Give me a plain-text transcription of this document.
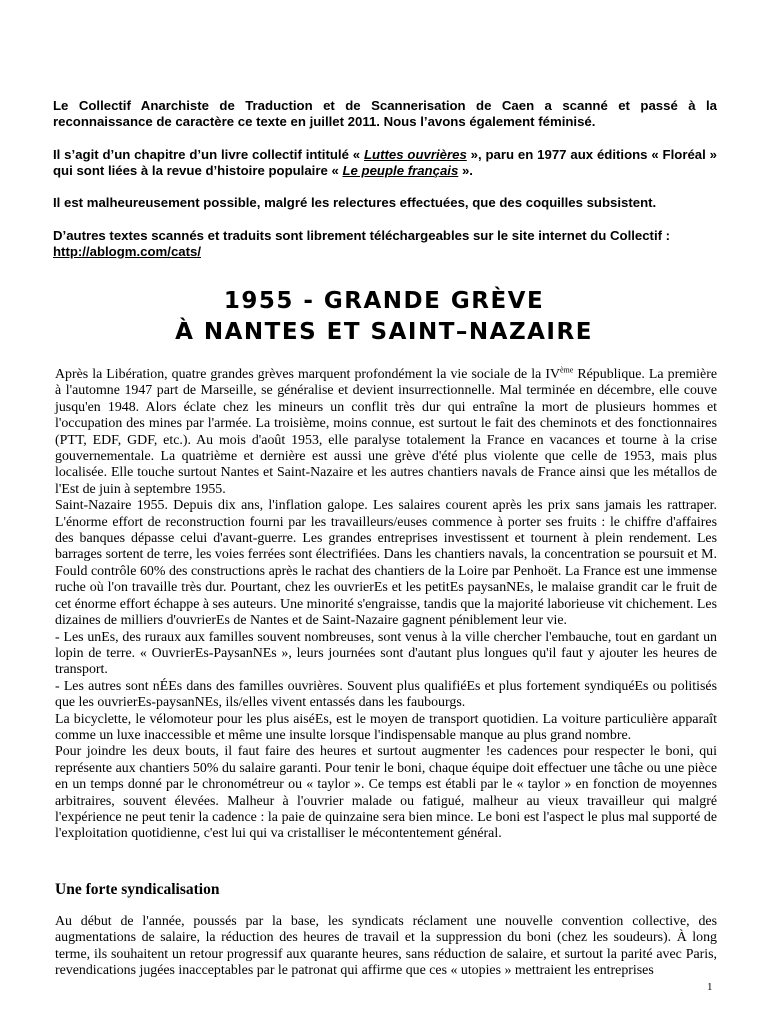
Le Collectif Anarchiste de Traduction et de Scannerisation de Caen a scanné et passé à la reconnaissance de caractère ce texte en juillet 2011. Nous l’avons également féminisé.

Il s’agit d’un chapitre d’un livre collectif intitulé « Luttes ouvrières », paru en 1977 aux éditions « Floréal » qui sont liées à la revue d’histoire populaire « Le peuple français ».

Il est malheureusement possible, malgré les relectures effectuées, que des coquilles subsistent.

D’autres textes scannés et traduits sont librement téléchargeables sur le site internet du Collectif :
http://ablogm.com/cats/

1955 - GRANDE GRÈVE
À NANTES ET SAINT–NAZAIRE

Après la Libération, quatre grandes grèves marquent profondément la vie sociale de la IVème République. La première à l'automne 1947 part de Marseille, se généralise et devient insurrectionnelle. Mal terminée en décembre, elle couve jusqu'en 1948. Alors éclate chez les mineurs un conflit très dur qui entraîne la mort de plusieurs hommes et l'occupation des mines par l'armée. La troisième, moins connue, est surtout le fait des cheminots et des fonctionnaires (PTT, EDF, GDF, etc.). Au mois d'août 1953, elle paralyse totalement la France en vacances et tourne à la crise gouvernementale. La quatrième et dernière est aussi une grève d'été plus violente que celle de 1953, mais plus localisée. Elle touche surtout Nantes et Saint-Nazaire et les autres chantiers navals de France ainsi que les métallos de l'Est de juin à septembre 1955.

Saint-Nazaire 1955. Depuis dix ans, l'inflation galope. Les salaires courent après les prix sans jamais les rattraper. L'énorme effort de reconstruction fourni par les travailleurs/euses commence à porter ses fruits : le chiffre d'affaires des banques dépasse celui d'avant-guerre. Les grandes entreprises investissent et tournent à plein rendement. Les barrages sortent de terre, les voies ferrées sont électrifiées. Dans les chantiers navals, la concentration se poursuit et M. Fould contrôle 60% des constructions après le rachat des chantiers de la Loire par Penhoët. La France est une immense ruche où l'on travaille très dur. Pourtant, chez les ouvrierEs et les petitEs paysanNEs, le malaise grandit car le fruit de cet énorme effort échappe à ses auteurs. Une minorité s'engraisse, tandis que la majorité laborieuse vit chichement. Les dizaines de milliers d'ouvrierEs de Nantes et de Saint-Nazaire gagnent péniblement leur vie.

- Les unEs, des ruraux aux familles souvent nombreuses, sont venus à la ville chercher l'embauche, tout en gardant un lopin de terre. « OuvrierEs-PaysanNEs », leurs journées sont d'autant plus longues qu'il faut y ajouter les heures de transport.

- Les autres sont nÉEs dans des familles ouvrières. Souvent plus qualifiéEs et plus fortement syndiquéEs ou politisés que les ouvrierEs-paysanNEs, ils/elles vivent entassés dans les faubourgs.

La bicyclette, le vélomoteur pour les plus aiséEs, est le moyen de transport quotidien. La voiture particulière apparaît comme un luxe inaccessible et même une insulte lorsque l'indispensable manque au plus grand nombre.

Pour joindre les deux bouts, il faut faire des heures et surtout augmenter !es cadences pour respecter le boni, qui représente aux chantiers 50% du salaire garanti. Pour tenir le boni, chaque équipe doit effectuer une tâche ou une pièce en un temps donné par le chronométreur ou « taylor ». Ce temps est établi par le « taylor » en fonction de moyennes arbitraires, souvent élevées. Malheur à l'ouvrier malade ou fatigué, malheur au vieux travailleur qui malgré l'expérience ne peut tenir la cadence : la paie de quinzaine sera bien mince. Le boni est l'aspect le plus mal supporté de l'exploitation quotidienne, c'est lui qui va cristalliser le mécontentement général.

Une forte syndicalisation

Au début de l'année, poussés par la base, les syndicats réclament une nouvelle convention collective, des augmentations de salaire, la réduction des heures de travail et la suppression du boni (chez les soudeurs). À long terme, ils souhaitent un retour progressif aux quarante heures, sans réduction de salaire, et surtout la parité avec Paris, revendications jugées inacceptables par le patronat qui affirme que ces « utopies » mettraient les entreprises

1
